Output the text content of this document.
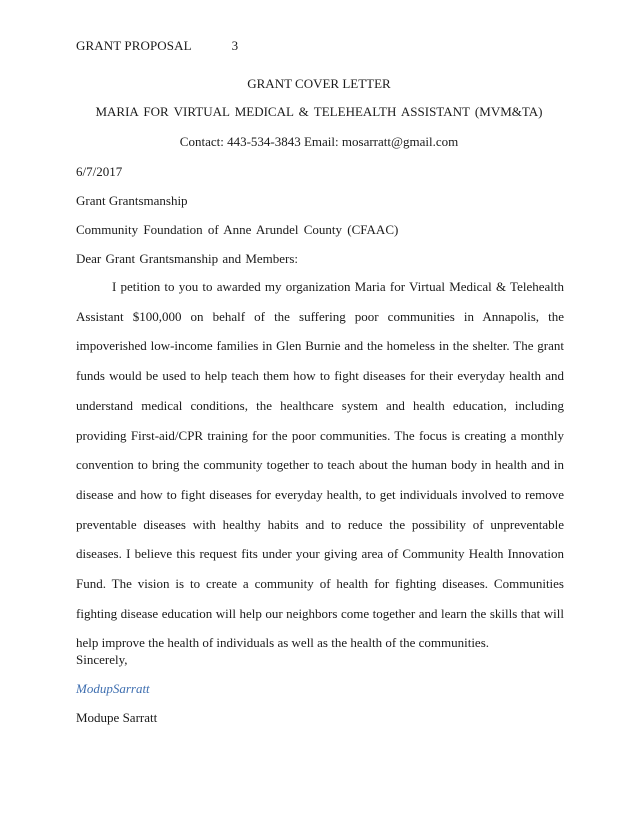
GRANT PROPOSAL	3
GRANT COVER LETTER
MARIA FOR VIRTUAL MEDICAL & TELEHEALTH ASSISTANT (MVM&TA)
Contact: 443-534-3843 Email: mosarratt@gmail.com
6/7/2017
Grant Grantsmanship
Community Foundation of Anne Arundel County (CFAAC)
Dear Grant Grantsmanship and Members:
I petition to you to awarded my organization Maria for Virtual Medical & Telehealth Assistant $100,000 on behalf of the suffering poor communities in Annapolis, the impoverished low-income families in Glen Burnie and the homeless in the shelter. The grant funds would be used to help teach them how to fight diseases for their everyday health and understand medical conditions, the healthcare system and health education, including providing First-aid/CPR training for the poor communities. The focus is creating a monthly convention to bring the community together to teach about the human body in health and in disease and how to fight diseases for everyday health, to get individuals involved to remove preventable diseases with healthy habits and to reduce the possibility of unpreventable diseases. I believe this request fits under your giving area of Community Health Innovation Fund. The vision is to create a community of health for fighting diseases. Communities fighting disease education will help our neighbors come together and learn the skills that will help improve the health of individuals as well as the health of the communities.
Sincerely,
ModupSarratt
Modupe Sarratt
